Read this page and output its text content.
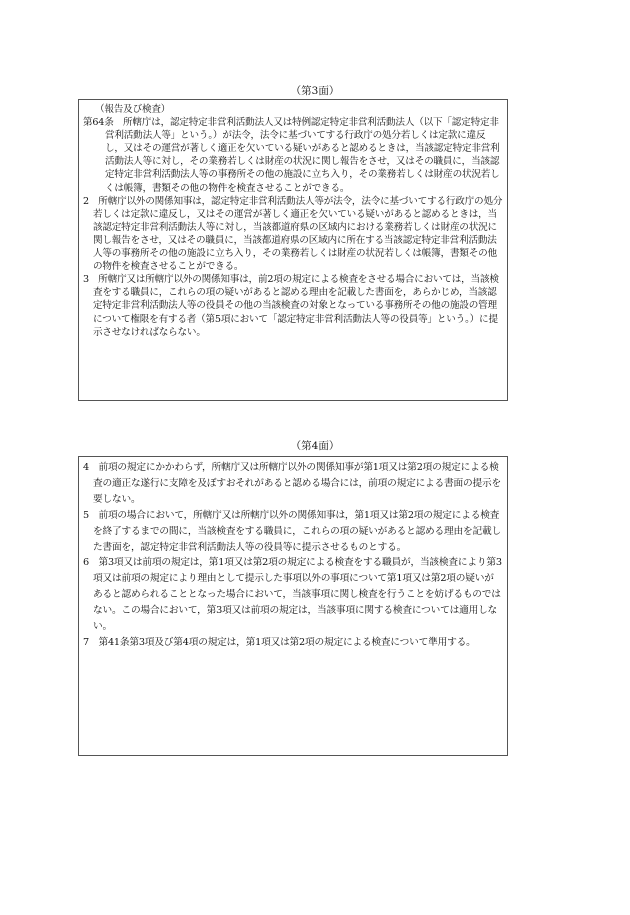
（第3面）

（報告及び検査）

第64条　 所轄庁は，認定特定非営利活動法人又は特例認定特定非営利活動法人（以下「認定特定非営利活動法人等」という。）が法令，法令に基づいてする行政庁の処分若しくは定款に違反し，又はその運営が著しく適正を欠いている疑いがあると認めるときは，当該認定特定非営利活動法人等に対し，その業務若しくは財産の状況に関し報告をさせ，又はその職員に，当該認定特定非営利活動法人等の事務所その他の施設に立ち入り，その業務若しくは財産の状況若しくは帳簿，書類その他の物件を検査させることができる。

2　所轄庁以外の関係知事は，認定特定非営利活動法人等が法令，法令に基づいてする行政庁の処分若しくは定款に違反し，又はその運営が著しく適正を欠いている疑いがあると認めるときは，当該認定特定非営利活動法人等に対し，当該都道府県の区域内における業務若しくは財産の状況に関し報告をさせ，又はその職員に，当該都道府県の区域内に所在する当該認定特定非営利活動法人等の事務所その他の施設に立ち入り，その業務若しくは財産の状況若しくは帳簿，書類その他の物件を検査させることができる。

3　所轄庁又は所轄庁以外の関係知事は，前2項の規定による検査をさせる場合においては，当該検査をする職員に，これらの項の疑いがあると認める理由を記載した書面を，あらかじめ，当該認定特定非営利活動法人等の役員その他の当該検査の対象となっている事務所その他の施設の管理について権限を有する者（第5項において「認定特定非営利活動法人等の役員等」という。）に提示させなければならない。

（第4面）

4　前項の規定にかかわらず，所轄庁又は所轄庁以外の関係知事が第1項又は第2項の規定による検査の適正な遂行に支障を及ぼすおそれがあると認める場合には，前項の規定による書面の提示を要しない。

5　前項の場合において，所轄庁又は所轄庁以外の関係知事は，第1項又は第2項の規定による検査を終了するまでの間に，当該検査をする職員に，これらの項の疑いがあると認める理由を記載した書面を，認定特定非営利活動法人等の役員等に提示させるものとする。

6　第3項又は前項の規定は，第1項又は第2項の規定による検査をする職員が，当該検査により第3項又は前項の規定により理由として提示した事項以外の事項について第1項又は第2項の疑いがあると認められることとなった場合において，当該事項に関し検査を行うことを妨げるものではない。この場合において，第3項又は前項の規定は，当該事項に関する検査については適用しない。

7　第41条第3項及び第4項の規定は，第1項又は第2項の規定による検査について準用する。
